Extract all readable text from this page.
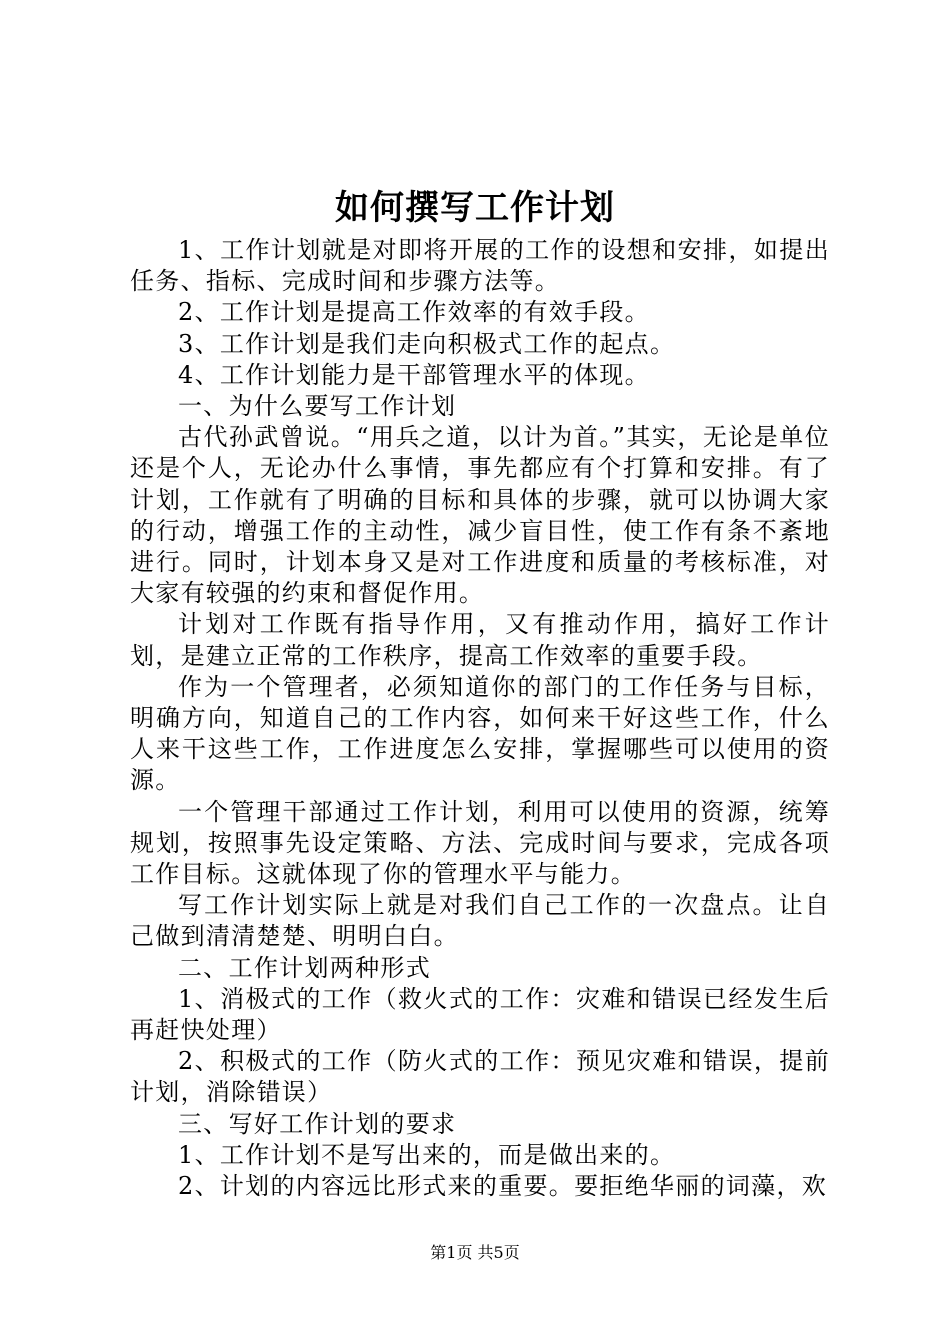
如何撰写工作计划

1、工作计划就是对即将开展的工作的设想和安排，如提出任务、指标、完成时间和步骤方法等。

2、工作计划是提高工作效率的有效手段。

3、工作计划是我们走向积极式工作的起点。

4、工作计划能力是干部管理水平的体现。

一、为什么要写工作计划

古代孙武曾说。“用兵之道，以计为首。”其实，无论是单位还是个人，无论办什么事情，事先都应有个打算和安排。有了计划，工作就有了明确的目标和具体的步骤，就可以协调大家的行动，增强工作的主动性，减少盲目性，使工作有条不紊地进行。同时，计划本身又是对工作进度和质量的考核标准，对大家有较强的约束和督促作用。

计划对工作既有指导作用，又有推动作用，搞好工作计划，是建立正常的工作秩序，提高工作效率的重要手段。

作为一个管理者，必须知道你的部门的工作任务与目标，明确方向，知道自己的工作内容，如何来干好这些工作，什么人来干这些工作，工作进度怎么安排，掌握哪些可以使用的资源。

一个管理干部通过工作计划，利用可以使用的资源，统筹规划，按照事先设定策略、方法、完成时间与要求，完成各项工作目标。这就体现了你的管理水平与能力。

写工作计划实际上就是对我们自己工作的一次盘点。让自己做到清清楚楚、明明白白。

二、工作计划两种形式

1、消极式的工作（救火式的工作：灾难和错误已经发生后再赶快处理）

2、积极式的工作（防火式的工作：预见灾难和错误，提前计划，消除错误）

三、写好工作计划的要求

1、工作计划不是写出来的，而是做出来的。

2、计划的内容远比形式来的重要。要拒绝华丽的词藻，欢

第1页 共5页
